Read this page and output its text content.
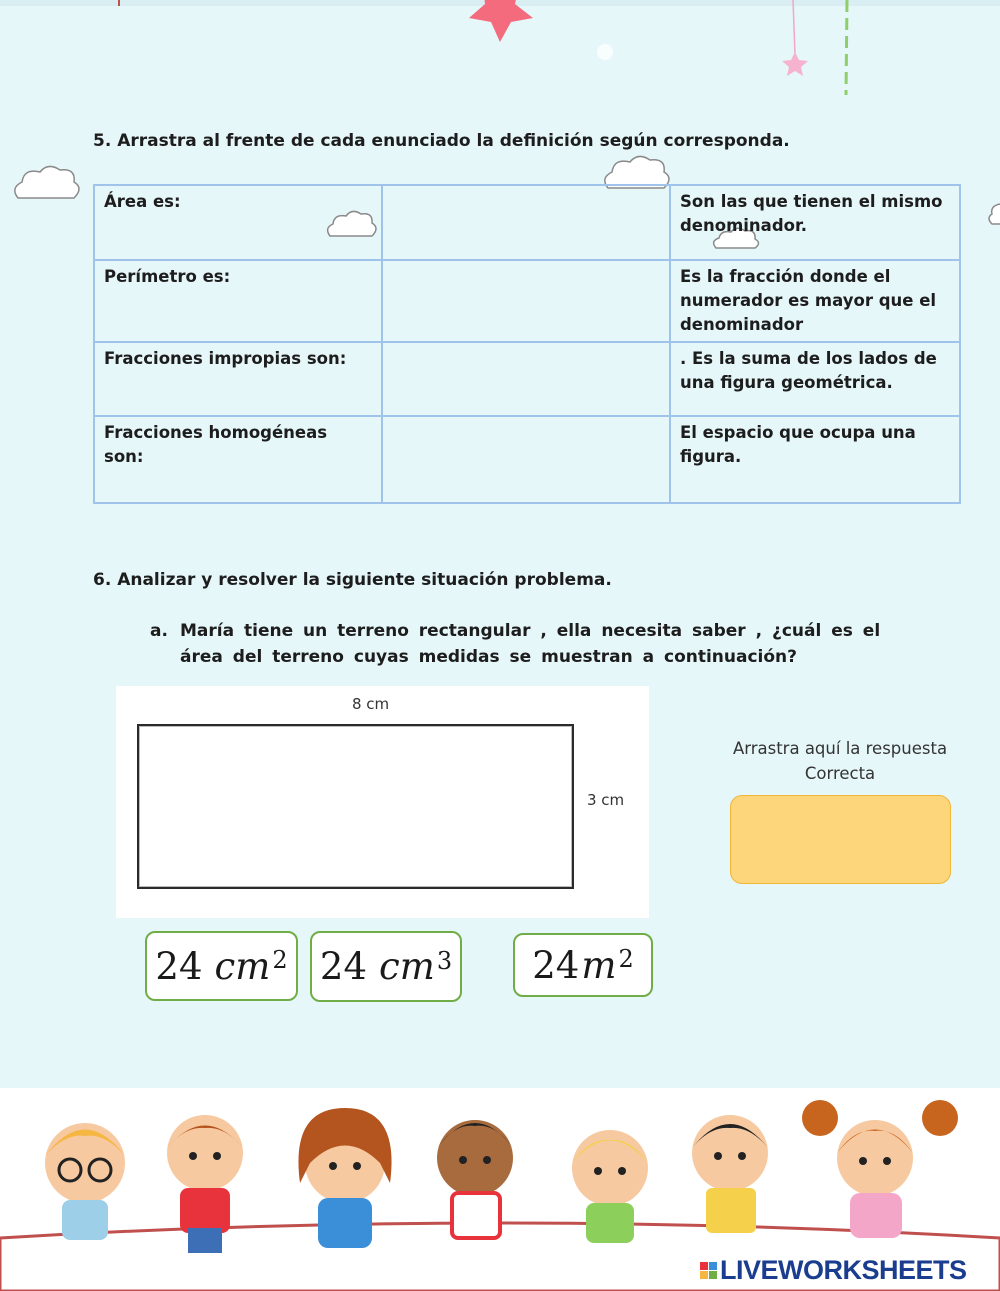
5. Arrastra al frente de cada enunciado la definición según corresponda.
Área es:		Son las que tienen el mismo denominador.
Perímetro es:		Es la fracción donde el numerador es mayor que el denominador
Fracciones impropias son:		. Es la suma de los lados de una figura geométrica.
Fracciones homogéneas son:		El espacio que ocupa una figura.
6. Analizar y resolver la siguiente situación problema.
a. María tiene un terreno rectangular , ella necesita saber , ¿cuál es el
área del terreno cuyas medidas se muestran a continuación?
8 cm
3 cm
Arrastra aquí la respuesta
Correcta
24 $cm^2$ 24 $cm^3$ 24 $m^2$
LIVEWORKSHEETS
